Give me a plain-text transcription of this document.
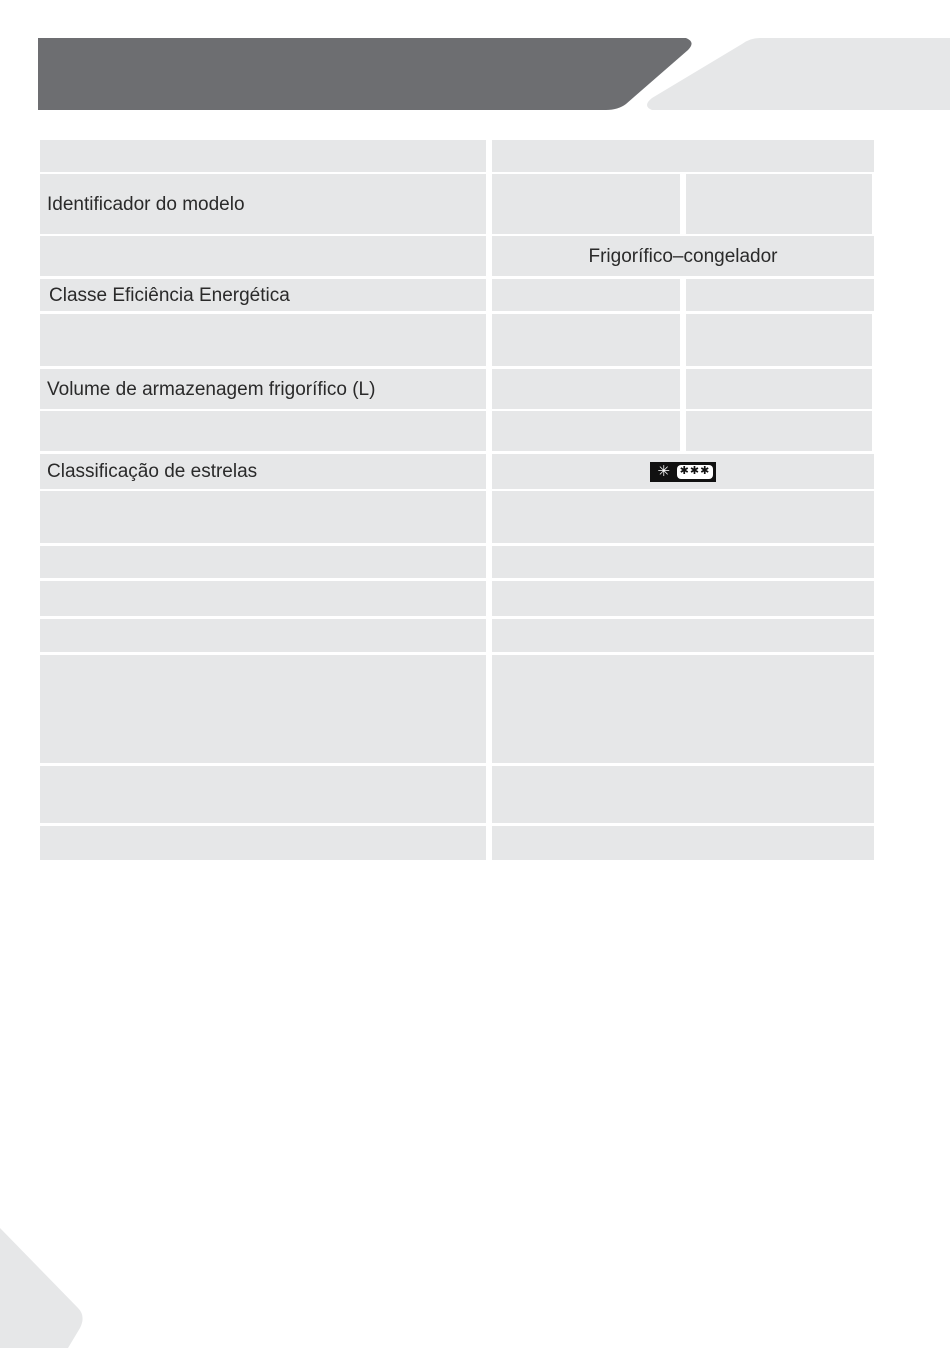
Identificador do modelo
Frigorífico–congelador
Classe Eficiência Energética
Volume de armazenagem frigorífico (L)
Classificação de estrelas	✳ ✱✱✱
